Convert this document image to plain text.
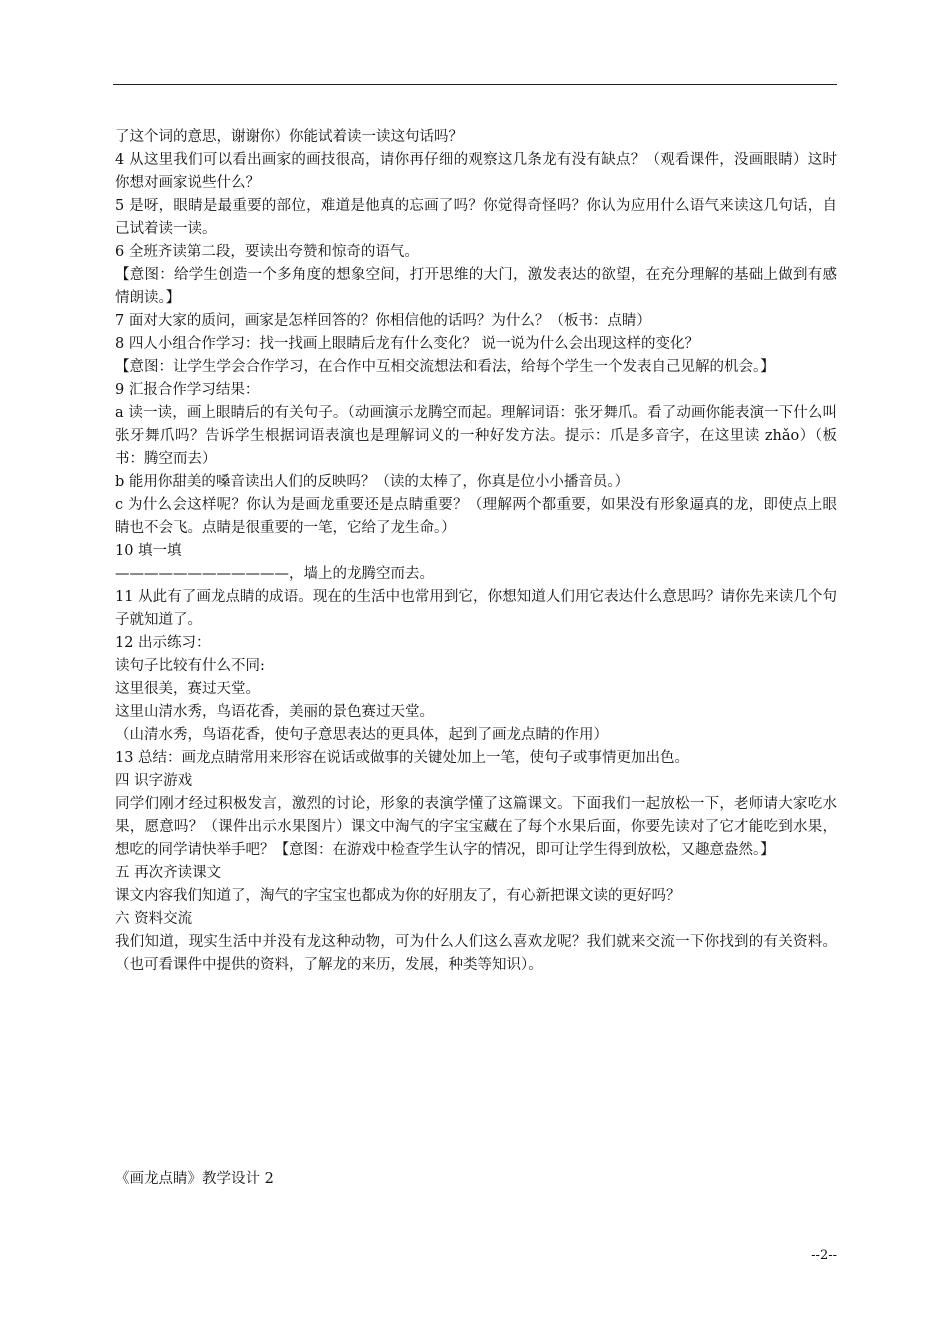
了这个词的意思，谢谢你）你能试着读一读这句话吗？

4 从这里我们可以看出画家的画技很高，请你再仔细的观察这几条龙有没有缺点？（观看课件，没画眼睛）这时你想对画家说些什么？

5 是呀，眼睛是最重要的部位，难道是他真的忘画了吗？你觉得奇怪吗？你认为应用什么语气来读这几句话，自己试着读一读。

6 全班齐读第二段，要读出夸赞和惊奇的语气。

【意图：给学生创造一个多角度的想象空间，打开思维的大门，激发表达的欲望，在充分理解的基础上做到有感情朗读。】

7 面对大家的质问，画家是怎样回答的？你相信他的话吗？为什么？（板书：点睛）

8 四人小组合作学习：找一找画上眼睛后龙有什么变化？ 说一说为什么会出现这样的变化？

【意图：让学生学会合作学习，在合作中互相交流想法和看法，给每个学生一个发表自己见解的机会。】

9 汇报合作学习结果：

a 读一读，画上眼睛后的有关句子。（动画演示龙腾空而起。理解词语：张牙舞爪。看了动画你能表演一下什么叫张牙舞爪吗？告诉学生根据词语表演也是理解词义的一种好发方法。提示：爪是多音字，在这里读 zhǎo）（板书：腾空而去）

b 能用你甜美的嗓音读出人们的反映吗？（读的太棒了，你真是位小小播音员。）

c 为什么会这样呢？你认为是画龙重要还是点睛重要？（理解两个都重要，如果没有形象逼真的龙，即使点上眼睛也不会飞。点睛是很重要的一笔，它给了龙生命。）

10 填一填

————————————，墙上的龙腾空而去。

11 从此有了画龙点睛的成语。现在的生活中也常用到它，你想知道人们用它表达什么意思吗？请你先来读几个句子就知道了。

12 出示练习：

读句子比较有什么不同:

这里很美，赛过天堂。

这里山清水秀，鸟语花香，美丽的景色赛过天堂。

（山清水秀，鸟语花香，使句子意思表达的更具体，起到了画龙点睛的作用）

13 总结：画龙点睛常用来形容在说话或做事的关键处加上一笔，使句子或事情更加出色。

四 识字游戏

同学们刚才经过积极发言，激烈的讨论，形象的表演学懂了这篇课文。下面我们一起放松一下，老师请大家吃水果，愿意吗？（课件出示水果图片）课文中淘气的字宝宝藏在了每个水果后面，你要先读对了它才能吃到水果，想吃的同学请快举手吧？【意图：在游戏中检查学生认字的情况，即可让学生得到放松，又趣意盎然。】

五 再次齐读课文

课文内容我们知道了，淘气的字宝宝也都成为你的好朋友了，有心新把课文读的更好吗？

六 资料交流

我们知道，现实生活中并没有龙这种动物，可为什么人们这么喜欢龙呢？我们就来交流一下你找到的有关资料。（也可看课件中提供的资料，了解龙的来历，发展，种类等知识）。

《画龙点睛》教学设计 2
--2--
